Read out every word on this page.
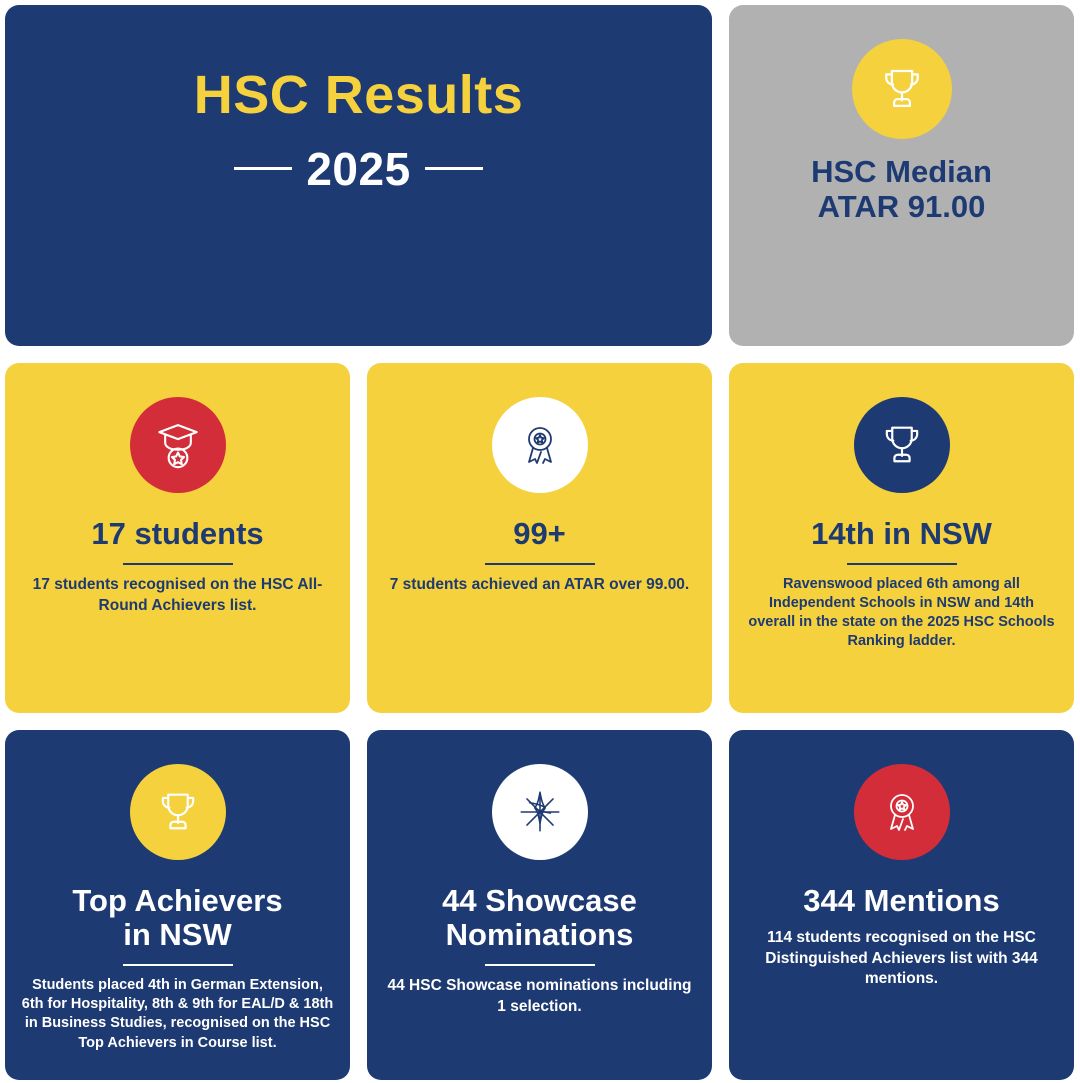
HSC Results
2025	HSC Median
ATAR 91.00
17 students
17 students recognised on the HSC All-Round Achievers list.
99+
7 students achieved an ATAR over 99.00.
14th in NSW
Ravenswood placed 6th among all Independent Schools in NSW and 14th overall in the state on the 2025 HSC Schools Ranking ladder.
Top Achievers
in NSW
Students placed 4th in German Extension, 6th for Hospitality, 8th & 9th for EAL/D & 18th in Business Studies, recognised on the HSC Top Achievers in Course list.
44 Showcase
Nominations
44 HSC Showcase nominations including 1 selection.
344 Mentions
114 students recognised on the HSC Distinguished Achievers list with 344 mentions.
